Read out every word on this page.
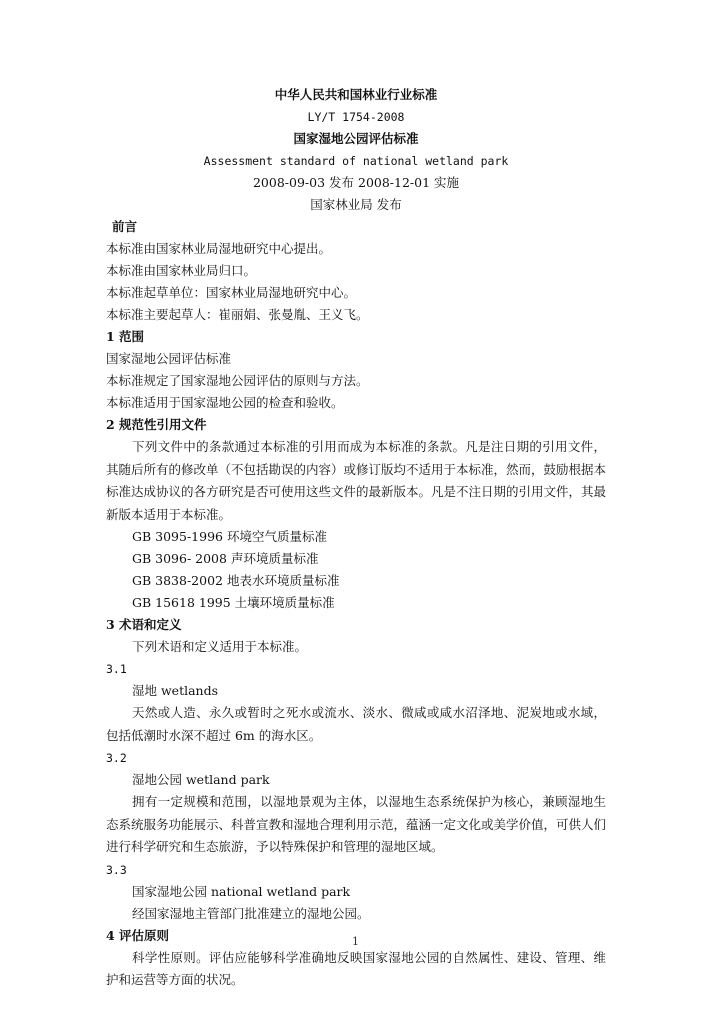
中华人民共和国林业行业标准
LY/T 1754-2008
国家湿地公园评估标准
Assessment standard of national wetland park
2008-09-03 发布 2008-12-01 实施
国家林业局 发布
前言
本标准由国家林业局湿地研究中心提出。
本标准由国家林业局归口。
本标准起草单位：国家林业局湿地研究中心。
本标准主要起草人：崔丽娟、张曼胤、王义飞。
1 范围
国家湿地公园评估标准
本标准规定了国家湿地公园评估的原则与方法。
本标准适用于国家湿地公园的检查和验收。
2 规范性引用文件
下列文件中的条款通过本标准的引用而成为本标准的条款。凡是注日期的引用文件，其随后所有的修改单（不包括勘误的内容）或修订版均不适用于本标准，然而，鼓励根据本标准达成协议的各方研究是否可使用这些文件的最新版本。凡是不注日期的引用文件，其最新版本适用于本标准。
GB 3095-1996 环境空气质量标准
GB 3096- 2008 声环境质量标准
GB 3838-2002 地表水环境质量标准
GB 15618 1995 土壤环境质量标准
3 术语和定义
下列术语和定义适用于本标准。
3.1
湿地 wetlands
天然或人造、永久或暂时之死水或流水、淡水、微咸或咸水沼泽地、泥炭地或水域，包括低潮时水深不超过 6m 的海水区。
3.2
湿地公园 wetland park
拥有一定规模和范围，以湿地景观为主体，以湿地生态系统保护为核心，兼顾湿地生态系统服务功能展示、科普宣教和湿地合理利用示范，蕴涵一定文化或美学价值，可供人们进行科学研究和生态旅游，予以特殊保护和管理的湿地区域。
3.3
国家湿地公园 national wetland park
经国家湿地主管部门批准建立的湿地公园。
4 评估原则
科学性原则。评估应能够科学准确地反映国家湿地公园的自然属性、建设、管理、维护和运营等方面的状况。
1
